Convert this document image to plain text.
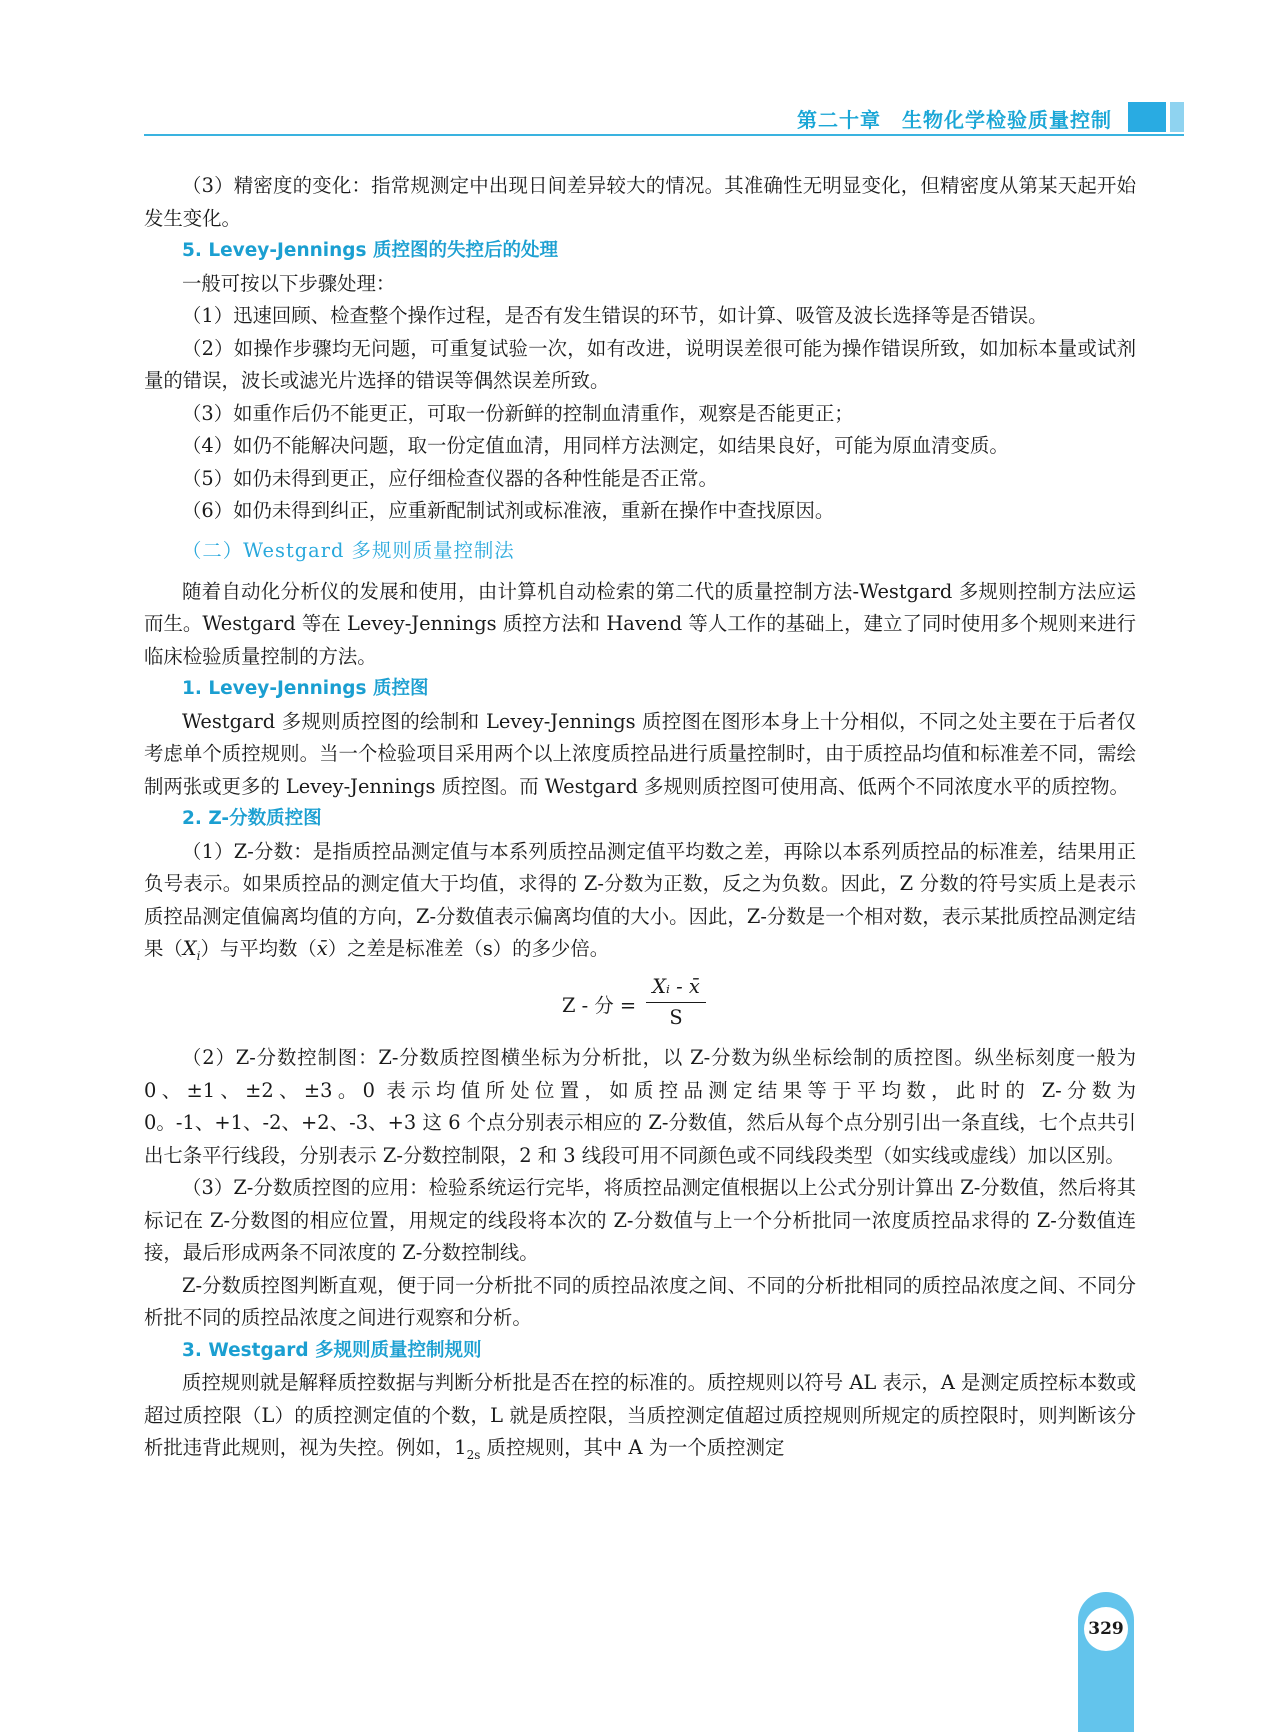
第二十章　生物化学检验质量控制

（3）精密度的变化：指常规测定中出现日间差异较大的情况。其准确性无明显变化，但精密度从第某天起开始发生变化。

5. Levey-Jennings 质控图的失控后的处理

一般可按以下步骤处理：

（1）迅速回顾、检查整个操作过程，是否有发生错误的环节，如计算、吸管及波长选择等是否错误。

（2）如操作步骤均无问题，可重复试验一次，如有改进，说明误差很可能为操作错误所致，如加标本量或试剂量的错误，波长或滤光片选择的错误等偶然误差所致。

（3）如重作后仍不能更正，可取一份新鲜的控制血清重作，观察是否能更正；

（4）如仍不能解决问题，取一份定值血清，用同样方法测定，如结果良好，可能为原血清变质。

（5）如仍未得到更正，应仔细检查仪器的各种性能是否正常。

（6）如仍未得到纠正，应重新配制试剂或标准液，重新在操作中查找原因。

（二）Westgard 多规则质量控制法

随着自动化分析仪的发展和使用，由计算机自动检索的第二代的质量控制方法-Westgard 多规则控制方法应运而生。Westgard 等在 Levey-Jennings 质控方法和 Havend 等人工作的基础上，建立了同时使用多个规则来进行临床检验质量控制的方法。

1. Levey-Jennings 质控图

Westgard 多规则质控图的绘制和 Levey-Jennings 质控图在图形本身上十分相似，不同之处主要在于后者仅考虑单个质控规则。当一个检验项目采用两个以上浓度质控品进行质量控制时，由于质控品均值和标准差不同，需绘制两张或更多的 Levey-Jennings 质控图。而 Westgard 多规则质控图可使用高、低两个不同浓度水平的质控物。

2. Z-分数质控图

（1）Z-分数：是指质控品测定值与本系列质控品测定值平均数之差，再除以本系列质控品的标准差，结果用正负号表示。如果质控品的测定值大于均值，求得的 Z-分数为正数，反之为负数。因此，Z 分数的符号实质上是表示质控品测定值偏离均值的方向，Z-分数值表示偏离均值的大小。因此，Z-分数是一个相对数，表示某批质控品测定结果$(X_i)$与平均数（x̄）之差是标准差（s）的多少倍。

Z - 分 = $\frac{\text{Xᵢ - x̄}}{S}$

（2）Z-分数控制图：Z-分数质控图横坐标为分析批，以 Z-分数为纵坐标绘制的质控图。纵坐标刻度一般为 0、±1、±2、±3。0 表示均值所处位置，如质控品测定结果等于平均数，此时的 Z-分数为 0。-1、+1、-2、+2、-3、+3 这 6 个点分别表示相应的 Z-分数值，然后从每个点分别引出一条直线，七个点共引出七条平行线段，分别表示 Z-分数控制限，2 和 3 线段可用不同颜色或不同线段类型（如实线或虚线）加以区别。

（3）Z-分数质控图的应用：检验系统运行完毕，将质控品测定值根据以上公式分别计算出 Z-分数值，然后将其标记在 Z-分数图的相应位置，用规定的线段将本次的 Z-分数值与上一个分析批同一浓度质控品求得的 Z-分数值连接，最后形成两条不同浓度的 Z-分数控制线。

Z-分数质控图判断直观，便于同一分析批不同的质控品浓度之间、不同的分析批相同的质控品浓度之间、不同分析批不同的质控品浓度之间进行观察和分析。

3. Westgard 多规则质量控制规则

质控规则就是解释质控数据与判断分析批是否在控的标准的。质控规则以符号 AL 表示，A 是测定质控标本数或超过质控限（L）的质控测定值的个数，L 就是质控限，当质控测定值超过质控规则所规定的质控限时，则判断该分析批违背此规则，视为失控。例如，$1_{2s}$ 质控规则，其中 A 为一个质控测定

329
